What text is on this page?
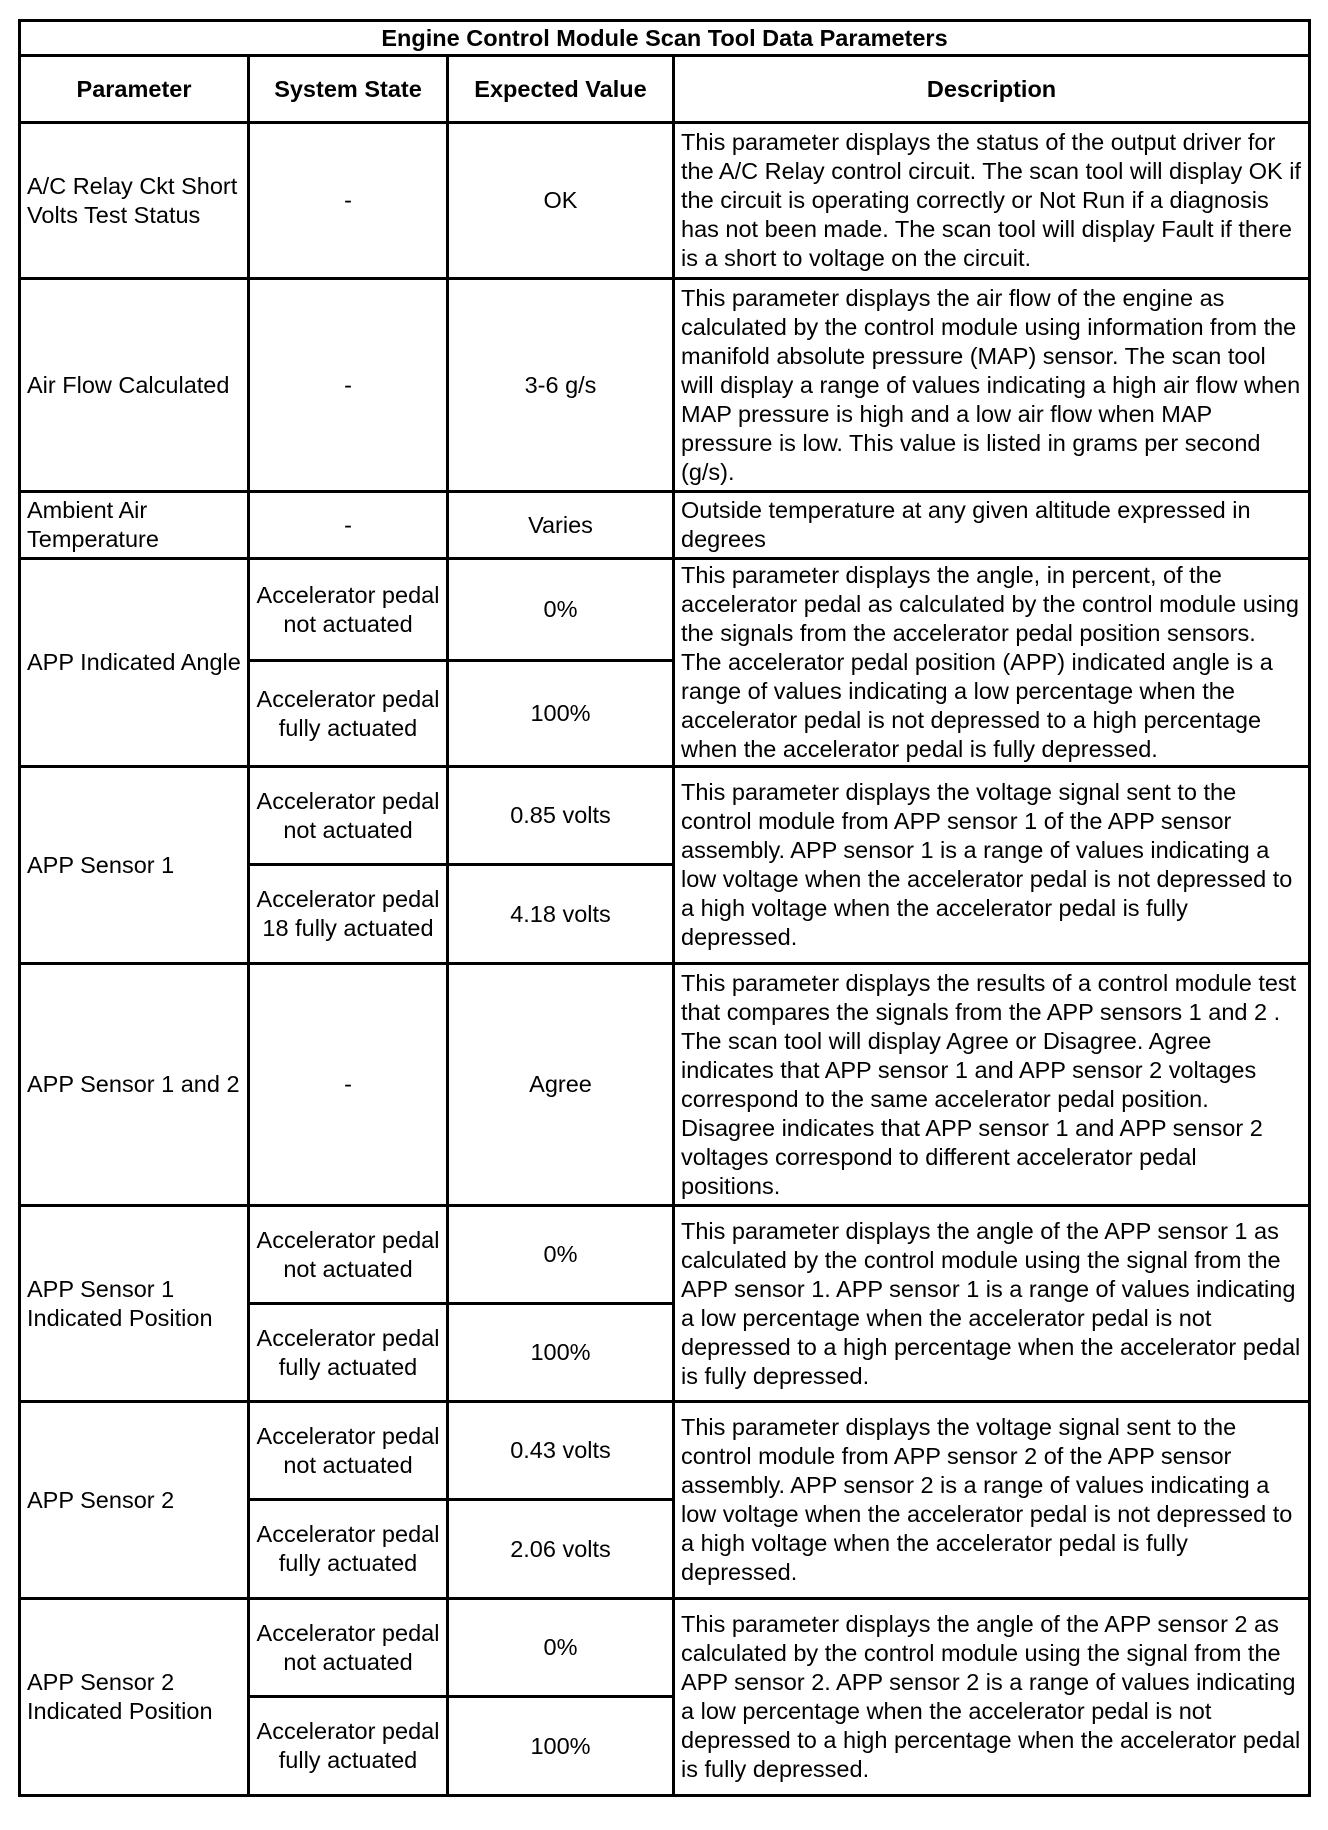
Engine Control Module Scan Tool Data Parameters			
Parameter	System State	Expected Value	Description
A/C Relay Ckt Short Volts Test Status	-	OK	This parameter displays the status of the output driver for the A/C Relay control circuit. The scan tool will display OK if the circuit is operating correctly or Not Run if a diagnosis has not been made. The scan tool will display Fault if there is a short to voltage on the circuit.
Air Flow Calculated	-	3-6 g/s	This parameter displays the air flow of the engine as calculated by the control module using information from the manifold absolute pressure (MAP) sensor. The scan tool will display a range of values indicating a high air flow when MAP pressure is high and a low air flow when MAP pressure is low. This value is listed in grams per second (g/s).
Ambient Air Temperature	-	Varies	Outside temperature at any given altitude expressed in degrees
APP Indicated Angle	Accelerator pedal not actuated	0%	This parameter displays the angle, in percent, of the accelerator pedal as calculated by the control module using the signals from the accelerator pedal position sensors. The accelerator pedal position (APP) indicated angle is a range of values indicating a low percentage when the accelerator pedal is not depressed to a high percentage when the accelerator pedal is fully depressed.
	Accelerator pedal fully actuated	100%	
APP Sensor 1	Accelerator pedal not actuated	0.85 volts	This parameter displays the voltage signal sent to the control module from APP sensor 1 of the APP sensor assembly. APP sensor 1 is a range of values indicating a low voltage when the accelerator pedal is not depressed to a high voltage when the accelerator pedal is fully depressed.
	Accelerator pedal 18 fully actuated	4.18 volts	
APP Sensor 1 and 2	-	Agree	This parameter displays the results of a control module test that compares the signals from the APP sensors 1 and 2 . The scan tool will display Agree or Disagree. Agree indicates that APP sensor 1 and APP sensor 2 voltages correspond to the same accelerator pedal position. Disagree indicates that APP sensor 1 and APP sensor 2 voltages correspond to different accelerator pedal positions.
APP Sensor 1 Indicated Position	Accelerator pedal not actuated	0%	This parameter displays the angle of the APP sensor 1 as calculated by the control module using the signal from the APP sensor 1. APP sensor 1 is a range of values indicating a low percentage when the accelerator pedal is not depressed to a high percentage when the accelerator pedal is fully depressed.
	Accelerator pedal fully actuated	100%	
APP Sensor 2	Accelerator pedal not actuated	0.43 volts	This parameter displays the voltage signal sent to the control module from APP sensor 2 of the APP sensor assembly. APP sensor 2 is a range of values indicating a low voltage when the accelerator pedal is not depressed to a high voltage when the accelerator pedal is fully depressed.
	Accelerator pedal fully actuated	2.06 volts	
APP Sensor 2 Indicated Position	Accelerator pedal not actuated	0%	This parameter displays the angle of the APP sensor 2 as calculated by the control module using the signal from the APP sensor 2. APP sensor 2 is a range of values indicating a low percentage when the accelerator pedal is not depressed to a high percentage when the accelerator pedal is fully depressed.
	Accelerator pedal fully actuated	100%	
